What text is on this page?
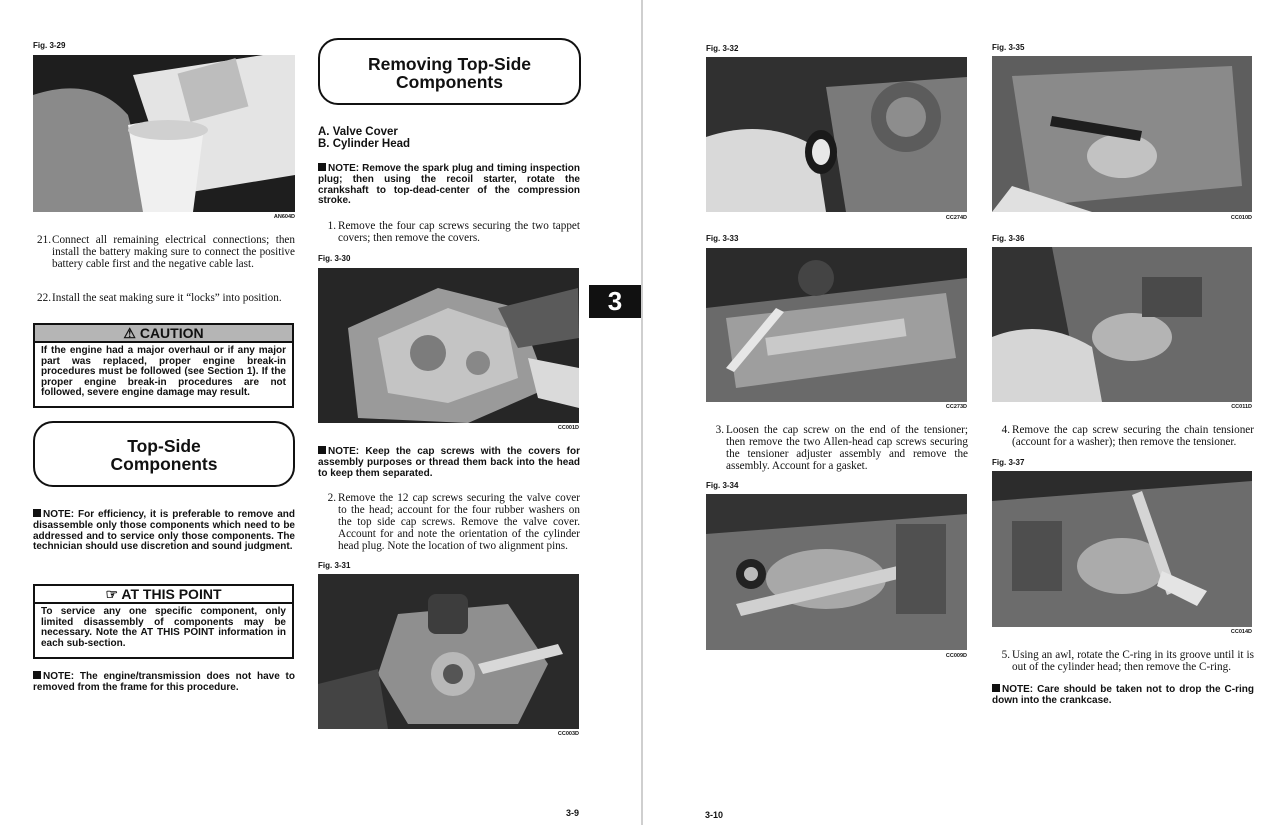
Fig. 3-29
AN604D
21. Connect all remaining electrical connections; then install the battery making sure to connect the positive battery cable first and the negative cable last.
22. Install the seat making sure it “locks” into position.
⚠ CAUTION
If the engine had a major overhaul or if any major part was replaced, proper engine break-in procedures must be followed (see Section 1). If the proper engine break-in procedures are not followed, severe engine damage may result.
Top-Side
Components
NOTE: For efficiency, it is preferable to remove and disassemble only those components which need to be addressed and to service only those components. The technician should use discretion and sound judgment.
☞ AT THIS POINT
To service any one specific component, only limited disassembly of components may be necessary. Note the AT THIS POINT information in each sub-section.
NOTE: The engine/transmission does not have to removed from the frame for this procedure.
Removing Top-Side
Components
A. Valve Cover
B. Cylinder Head
NOTE: Remove the spark plug and timing inspection plug; then using the recoil starter, rotate the crankshaft to top-dead-center of the compression stroke.
1. Remove the four cap screws securing the two tappet covers; then remove the covers.
Fig. 3-30
CC001D
NOTE: Keep the cap screws with the covers for assembly purposes or thread them back into the head to keep them separated.
2. Remove the 12 cap screws securing the valve cover to the head; account for the four rubber washers on the top side cap screws. Remove the valve cover. Account for and note the orientation of the cylinder head plug. Note the location of two alignment pins.
Fig. 3-31
CC003D
3
3-9
Fig. 3-32
CC274D
Fig. 3-33
CC273D
3. Loosen the cap screw on the end of the tensioner; then remove the two Allen-head cap screws securing the tensioner adjuster assembly and remove the assembly. Account for a gasket.
Fig. 3-34
CC009D
Fig. 3-35
CC010D
Fig. 3-36
CC011D
4. Remove the cap screw securing the chain tensioner (account for a washer); then remove the tensioner.
Fig. 3-37
CC014D
5. Using an awl, rotate the C-ring in its groove until it is out of the cylinder head; then remove the C-ring.
NOTE: Care should be taken not to drop the C-ring down into the crankcase.
3-10
